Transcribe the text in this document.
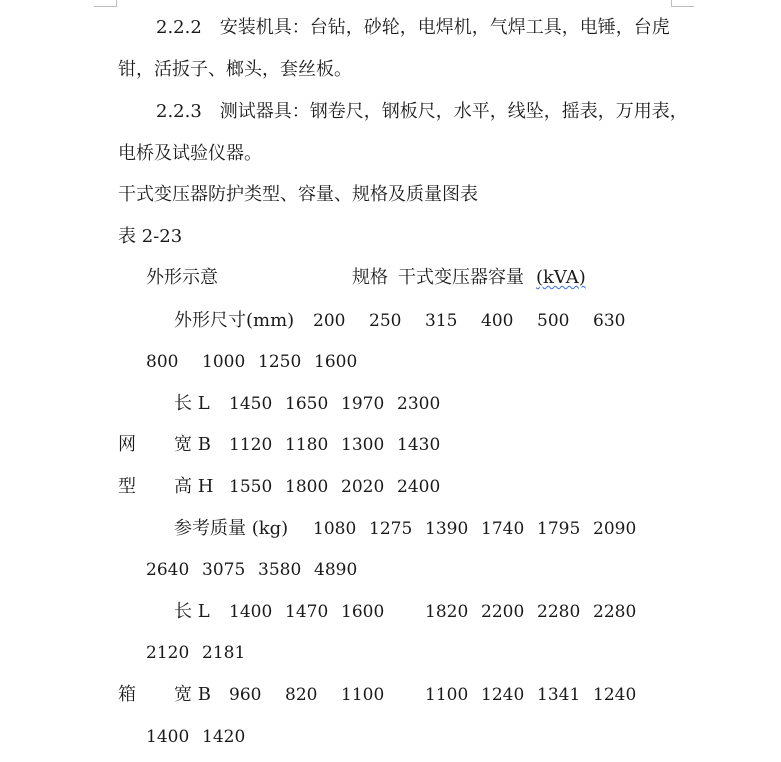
2.2.2　安装机具：台钻，砂轮，电焊机，气焊工具，电锤，台虎
钳，活扳子、榔头，套丝板。
2.2.3　测试器具：钢卷尺，钢板尺，水平，线坠，摇表，万用表，
电桥及试验仪器。
干式变压器防护类型、容量、规格及质量图表
表 2-23
外形示意	规格 干式变压器容量 (kVA)
外形尺寸(mm) 200 250 315 400 500 630
800 1000 1250 1600
长 L 1450 1650 1970 2300
网 宽 B 1120 1180 1300 1430
型 高 H 1550 1800 2020 2400
参考质量 (kg) 1080 1275 1390 1740 1795 2090
2640 3075 3580 4890
长 L 1400 1470 1600 1820 2200 2280 2280
2120 2181
箱 宽 B 960 820 1100 1100 1240 1341 1240
1400 1420
